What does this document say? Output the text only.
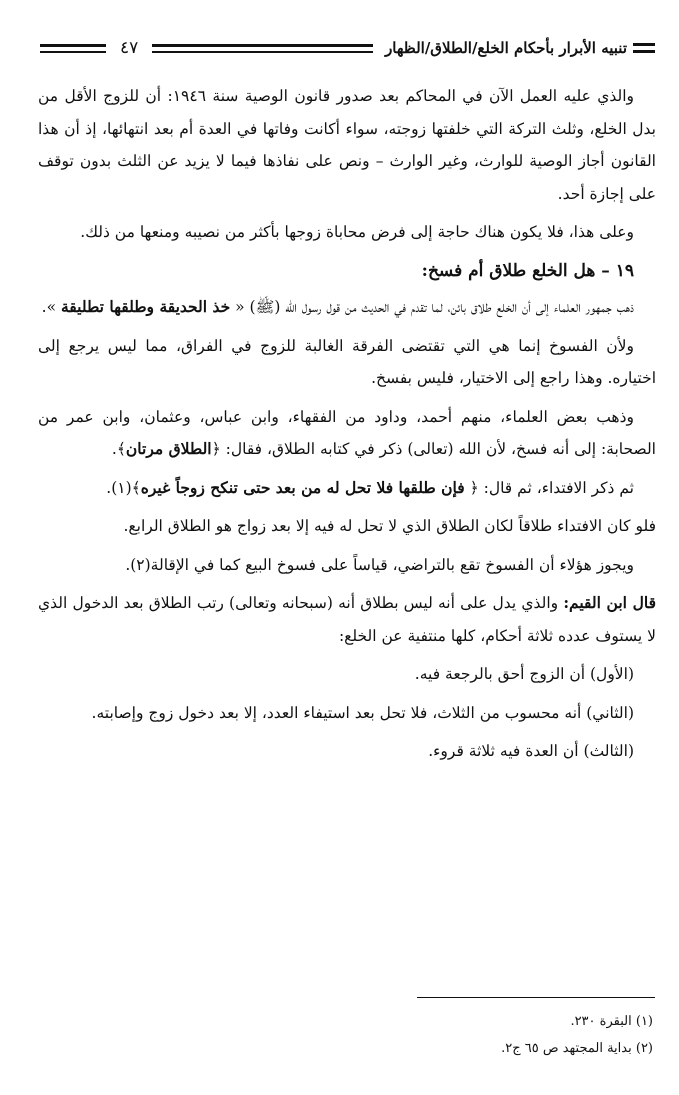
تنبيه الأبرار بأحكام الخلع/الطلاق/الظهار
٤٧

والذي عليه العمل الآن في المحاكم بعد صدور قانون الوصية سنة ١٩٤٦: أن للزوج الأقل من بدل الخلع، وثلث التركة التي خلفتها زوجته، سواء أكانت وفاتها في العدة أم بعد انتهائها، إذ أن هذا القانون أجاز الوصية للوارث، وغير الوارث – ونص على نفاذها فيما لا يزيد عن الثلث بدون توقف على إجازة أحد.

وعلى هذا، فلا يكون هناك حاجة إلى فرض محاباة زوجها بأكثر من نصيبه ومنعها من ذلك.

١٩ – هل الخلع طلاق أم فسخ:

ذهب جمهور العلماء إلى أن الخلع طلاق بائن، لما تقدم في الحديث من قول رسول الله (ﷺ) « خذ الحديقة وطلقها تطليقة ».

ولأن الفسوخ إنما هي التي تقتضى الفرقة الغالبة للزوج في الفراق، مما ليس يرجع إلى اختياره. وهذا راجع إلى الاختيار، فليس بفسخ.

وذهب بعض العلماء، منهم أحمد، وداود من الفقهاء، وابن عباس، وعثمان، وابن عمر من الصحابة: إلى أنه فسخ، لأن الله (تعالى) ذكر في كتابه الطلاق، فقال: ﴿الطلاق مرتان﴾.

ثم ذكر الافتداء، ثم قال: ﴿ فإن طلقها فلا تحل له من بعد حتى تنكح زوجاً غيره﴾(١).

فلو كان الافتداء طلاقاً لكان الطلاق الذي لا تحل له فيه إلا بعد زواج هو الطلاق الرابع.

ويجوز هؤلاء أن الفسوخ تقع بالتراضي، قياساً على فسوخ البيع كما في الإقالة(٢).

قال ابن القيم: والذي يدل على أنه ليس بطلاق أنه (سبحانه وتعالى) رتب الطلاق بعد الدخول الذي لا يستوف عدده ثلاثة أحكام، كلها منتفية عن الخلع:

(الأول) أن الزوج أحق بالرجعة فيه.

(الثاني) أنه محسوب من الثلاث، فلا تحل بعد استيفاء العدد، إلا بعد دخول زوج وإصابته.

(الثالث) أن العدة فيه ثلاثة قروء.

(١) البقرة ٢٣٠.
(٢) بداية المجتهد ص ٦٥ ج٢.
